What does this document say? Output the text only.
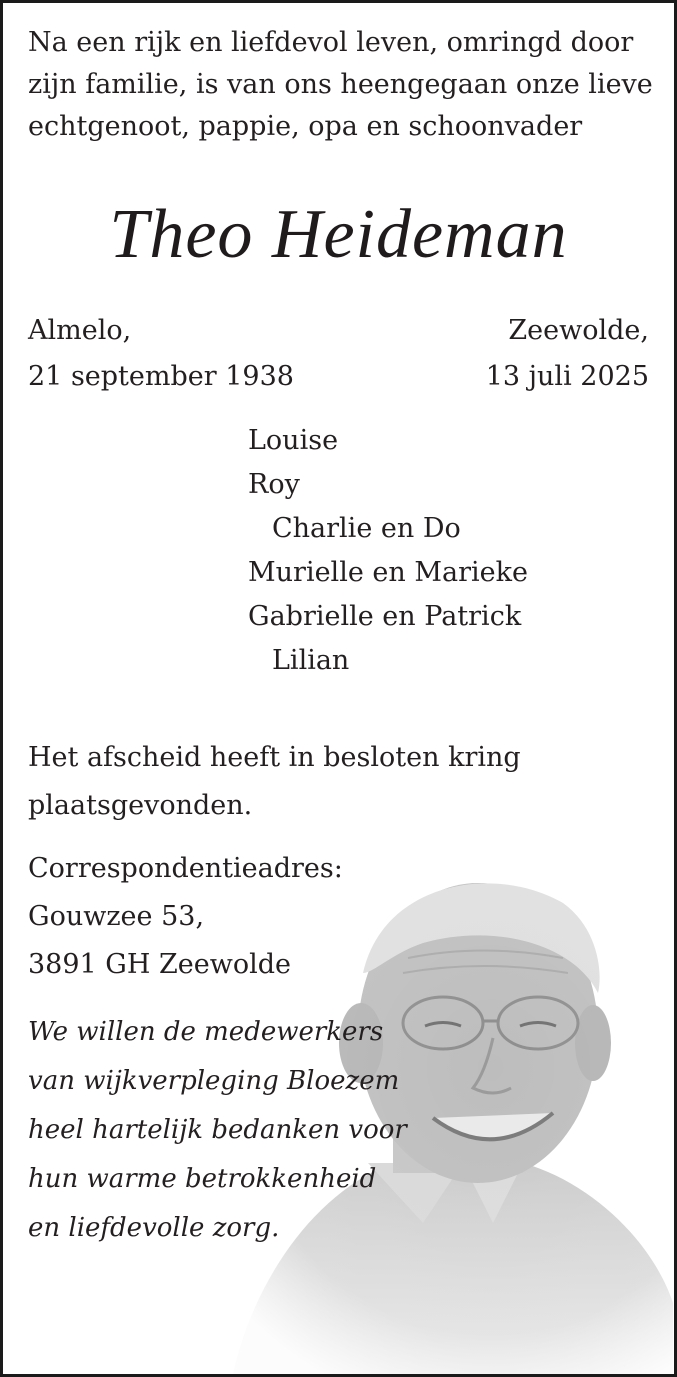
Na een rijk en liefdevol leven, omringd door
zijn familie, is van ons heengegaan onze lieve
echtgenoot, pappie, opa en schoonvader
Theo Heideman
Almelo,
21 september 1938
Zeewolde,
13 juli 2025
Louise
Roy
Charlie en Do
Murielle en Marieke
Gabrielle en Patrick
Lilian
Het afscheid heeft in besloten kring
plaatsgevonden.
Correspondentieadres:
Gouwzee 53,
3891 GH Zeewolde
We willen de medewerkers
van wijkverpleging Bloezem
heel hartelijk bedanken voor
hun warme betrokkenheid
en liefdevolle zorg.
